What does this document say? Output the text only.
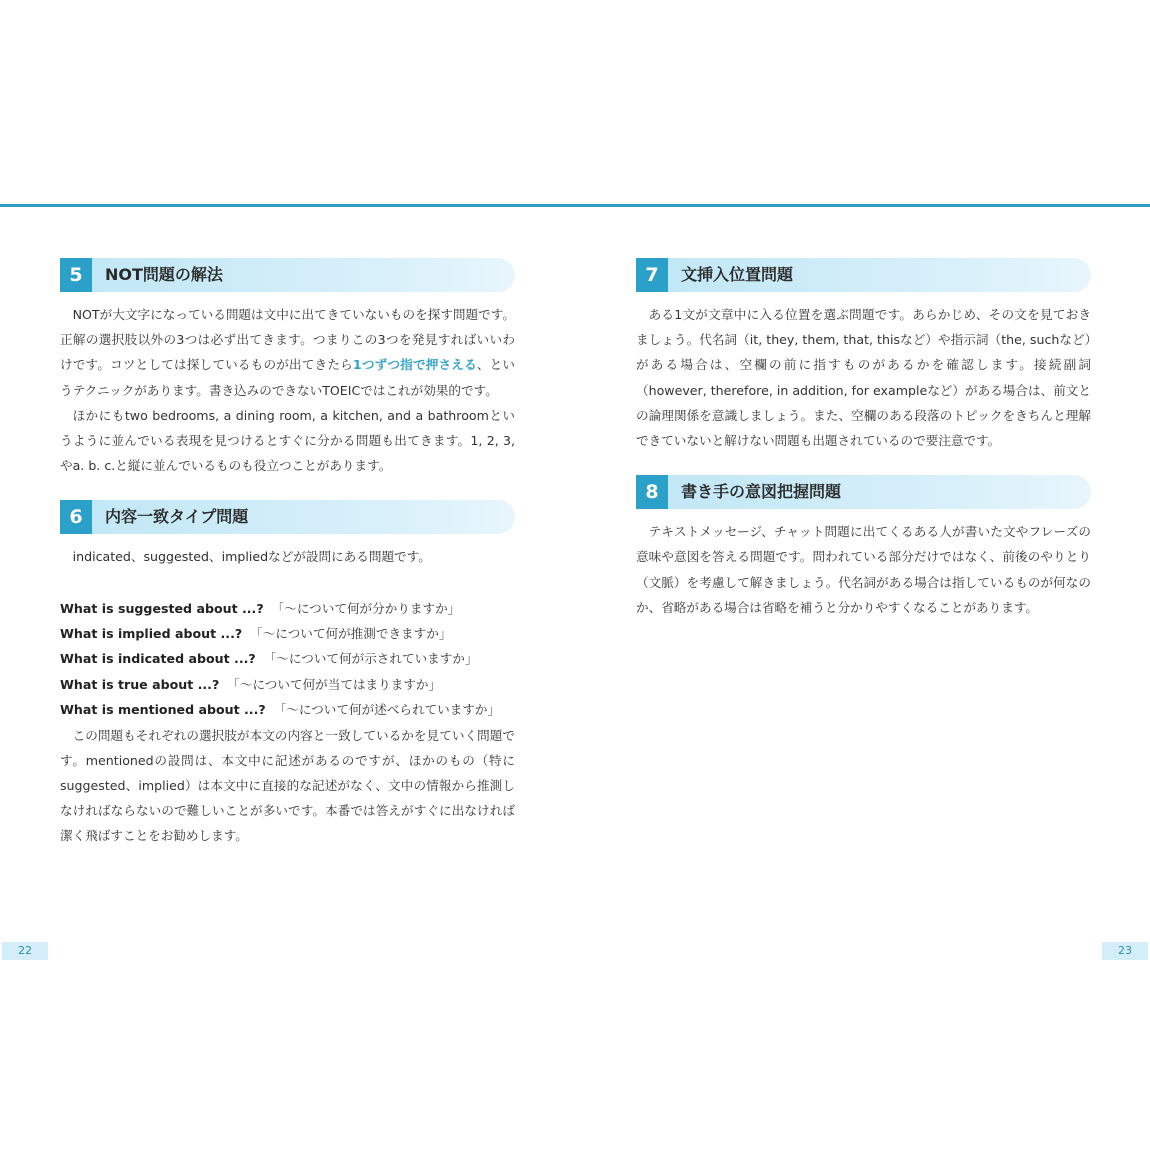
5	NOT問題の解法

NOTが大文字になっている問題は文中に出てきていないものを探す問題です。正解の選択肢以外の3つは必ず出てきます。つまりこの3つを発見すればいいわけです。コツとしては探しているものが出てきたら1つずつ指で押さえる、というテクニックがあります。書き込みのできないTOEICではこれが効果的です。

ほかにもtwo bedrooms, a dining room, a kitchen, and a bathroomというように並んでいる表現を見つけるとすぐに分かる問題も出てきます。1, 2, 3, やa. b. c.と縦に並んでいるものも役立つことがあります。

6	内容一致タイプ問題

indicated、suggested、impliedなどが設問にある問題です。

What is suggested about ...? 「～について何が分かりますか」
What is implied about ...? 「～について何が推測できますか」
What is indicated about ...? 「～について何が示されていますか」
What is true about ...? 「～について何が当てはまりますか」
What is mentioned about ...? 「～について何が述べられていますか」

この問題もそれぞれの選択肢が本文の内容と一致しているかを見ていく問題です。mentionedの設問は、本文中に記述があるのですが、ほかのもの（特にsuggested、implied）は本文中に直接的な記述がなく、文中の情報から推測しなければならないので難しいことが多いです。本番では答えがすぐに出なければ潔く飛ばすことをお勧めします。

7	文挿入位置問題

ある1文が文章中に入る位置を選ぶ問題です。あらかじめ、その文を見ておきましょう。代名詞（it, they, them, that, thisなど）や指示詞（the, suchなど）がある場合は、空欄の前に指すものがあるかを確認します。接続副詞（however, therefore, in addition, for exampleなど）がある場合は、前文との論理関係を意識しましょう。また、空欄のある段落のトピックをきちんと理解できていないと解けない問題も出題されているので要注意です。

8	書き手の意図把握問題

テキストメッセージ、チャット問題に出てくるある人が書いた文やフレーズの意味や意図を答える問題です。問われている部分だけではなく、前後のやりとり（文脈）を考慮して解きましょう。代名詞がある場合は指しているものが何なのか、省略がある場合は省略を補うと分かりやすくなることがあります。

22	23
